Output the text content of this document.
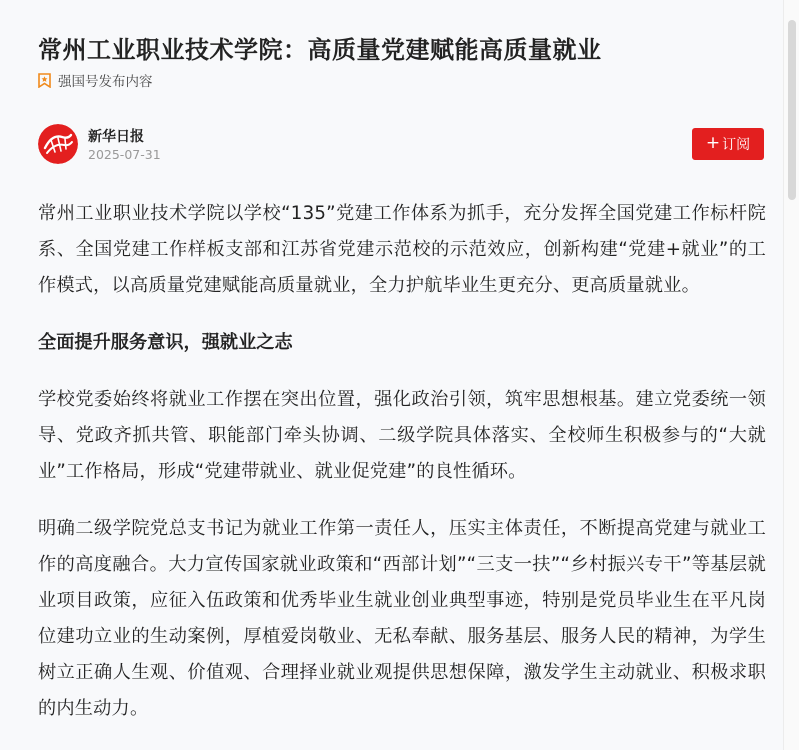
常州工业职业技术学院：高质量党建赋能高质量就业
强国号发布内容
新华日报
2025-07-31
+ 订阅

常州工业职业技术学院以学校“135”党建工作体系为抓手，充分发挥全国党建工作标杆院系、全国党建工作样板支部和江苏省党建示范校的示范效应，创新构建“党建+就业”的工作模式，以高质量党建赋能高质量就业，全力护航毕业生更充分、更高质量就业。

全面提升服务意识，强就业之志

学校党委始终将就业工作摆在突出位置，强化政治引领，筑牢思想根基。建立党委统一领导、党政齐抓共管、职能部门牵头协调、二级学院具体落实、全校师生积极参与的“大就业”工作格局，形成“党建带就业、就业促党建”的良性循环。

明确二级学院党总支书记为就业工作第一责任人，压实主体责任，不断提高党建与就业工作的高度融合。大力宣传国家就业政策和“西部计划”“三支一扶”“乡村振兴专干”等基层就业项目政策，应征入伍政策和优秀毕业生就业创业典型事迹，特别是党员毕业生在平凡岗位建功立业的生动案例，厚植爱岗敬业、无私奉献、服务基层、服务人民的精神，为学生树立正确人生观、价值观、合理择业就业观提供思想保障，激发学生主动就业、积极求职的内生动力。
